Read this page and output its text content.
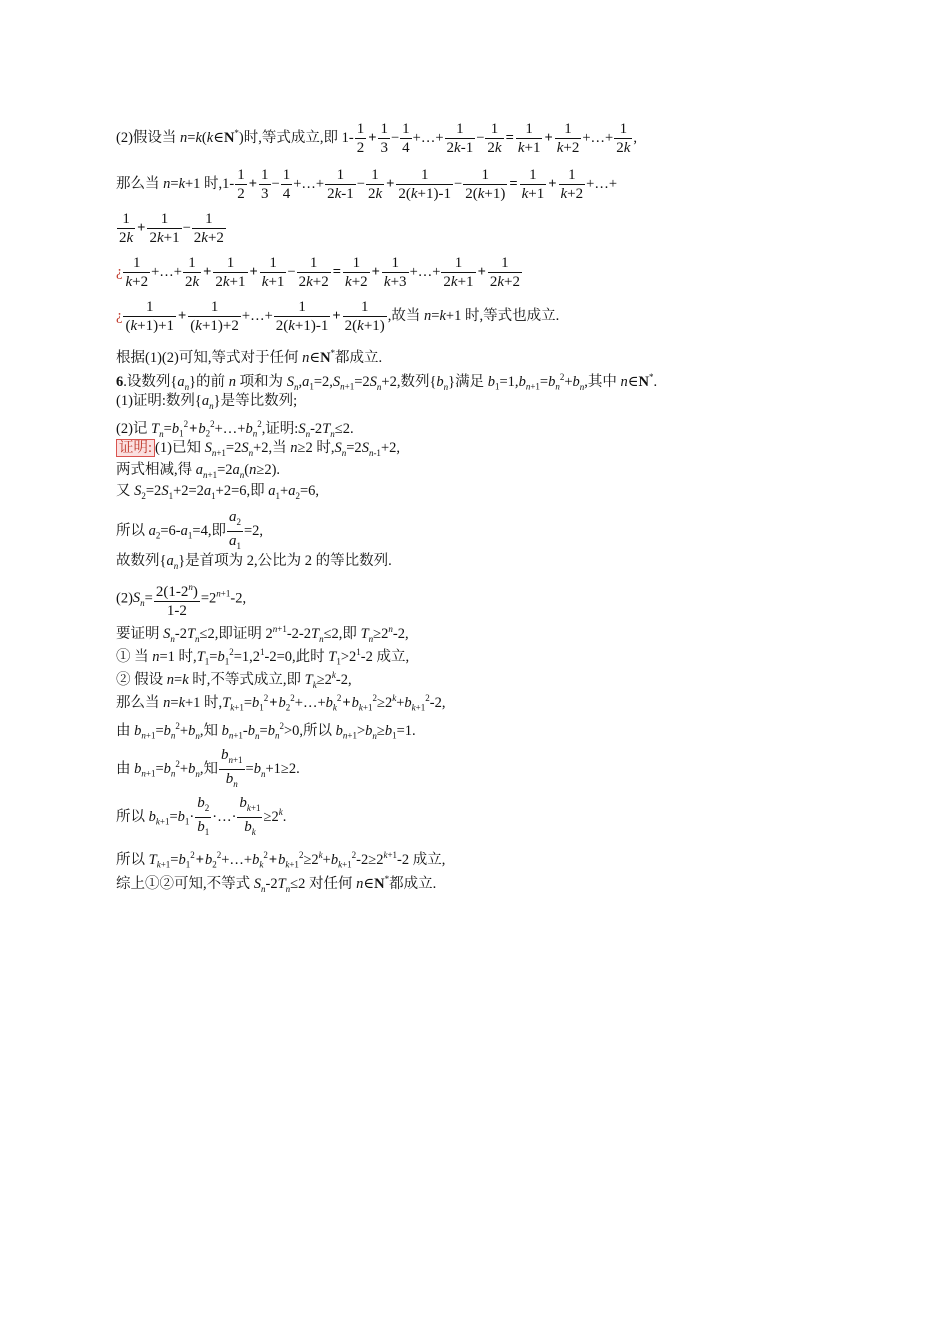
(2)假设当 n=k(k∈N*)时,等式成立,即 $1- \frac{1}{2} + \frac{1}{3} - \frac{1}{4}$ +…+ $\frac{1}{2k-1} - \frac{1}{2k} = \frac{1}{k+1} + \frac{1}{k+2}$ +…+ $\frac{1}{2k}$ ,
那么当 n=k+1 时$,1- \frac{1}{2} + \frac{1}{3} - \frac{1}{4}$ +…+ $\frac{1}{2k-1} - \frac{1}{2k} + \frac{1}{2(k+1)-1} - \frac{1}{2(k+1)} = \frac{1}{k+1} + \frac{1}{k+2}$ +…+
$\frac{1}{2k} + \frac{1}{2k+1} - \frac{1}{2k+2}$
¿ $\frac{1}{k+2}$ +…+ $\frac{1}{2k} + \frac{1}{2k+1} + \frac{1}{k+1} - \frac{1}{2k+2} = \frac{1}{k+2} + \frac{1}{k+3}$ +…+ $\frac{1}{2k+1} + \frac{1}{2k+2}$
¿ $\frac{1}{(k+1)+1} + \frac{1}{(k+1)+2}$ +…+ $\frac{1}{2(k+1)-1} + \frac{1}{2(k+1)}$ ,故当 n=k+1 时,等式也成立.
根据(1)(2)可知,等式对于任何 n∈N*都成立.
6.设数列$\{a_n\}$的前 n 项和为 $S_n,a_1=2,S_{n+1}=2S_n+2$,数列$\{b_n\}$满足 $b_1=1,b_{n+1}=b_n^2+b_n$,其中 n∈N*.
(1)证明:数列$\{a_n\}$是等比数列;
(2)记 $T_n=b_1^2+b_2^2+\dots+b_n^2$,证明$:S_n-2T_n\le 2$.
证明: (1)已知 $S_{n+1}=2S_n+2$,当 n≥2 时$,S_n=2S_{n-1}+2$,
两式相减,得 $a_{n+1}=2a_n(n\ge 2)$.
又 $S_2=2S_1+2=2a_1+2=6$,即 $a_1+a_2=6$,
所以 $a_2=6-a_1=4$,即 $\frac{a_2}{a_1} =2$,
故数列$\{a_n\}$是首项为 2,公比为 2 的等比数列.
$(2)S_n= \frac{2(1-2^n)}{1-2} =2^{n+1}-2$,
要证明 $S_n-2T_n\le 2$,即证明 $2^{n+1}-2-2T_n\le 2$,即 $T_n\ge 2^n-2$,
① 当 n=1 时$,T_1=b_1^2=1,2^1-2=0$,此时 $T_1>2^1-2$ 成立,
② 假设 n=k 时,不等式成立,即 $T_k\ge 2^k-2$,
那么当 n=k+1 时$,T_{k+1}=b_1^2+b_2^2+\dots+b_k^2+b_{k+1}^2\ge 2^k+b_{k+1}^2-2$,
由 $b_{n+1}=b_n^2+b_n$,知 $b_{n+1}-b_n=b_n^2>0$,所以 $b_{n+1}>b_n\ge b_1=1$.
由 $b_{n+1}=b_n^2+b_n$,知 $\frac{b_{n+1}}{b_n} =b_n+1\ge 2$.
所以 $b_{k+1}=b_1\cdot \frac{b_2}{b_1}$ ·…· $\frac{b_{k+1}}{b_k} \ge 2^k$.
所以 $T_{k+1}=b_1^2+b_2^2+\dots+b_k^2+b_{k+1}^2\ge 2^k+b_{k+1}^2-2\ge 2^{k+1}-2$ 成立,
综上①②可知,不等式 $S_n-2T_n\le 2$ 对任何 n∈N*都成立.
